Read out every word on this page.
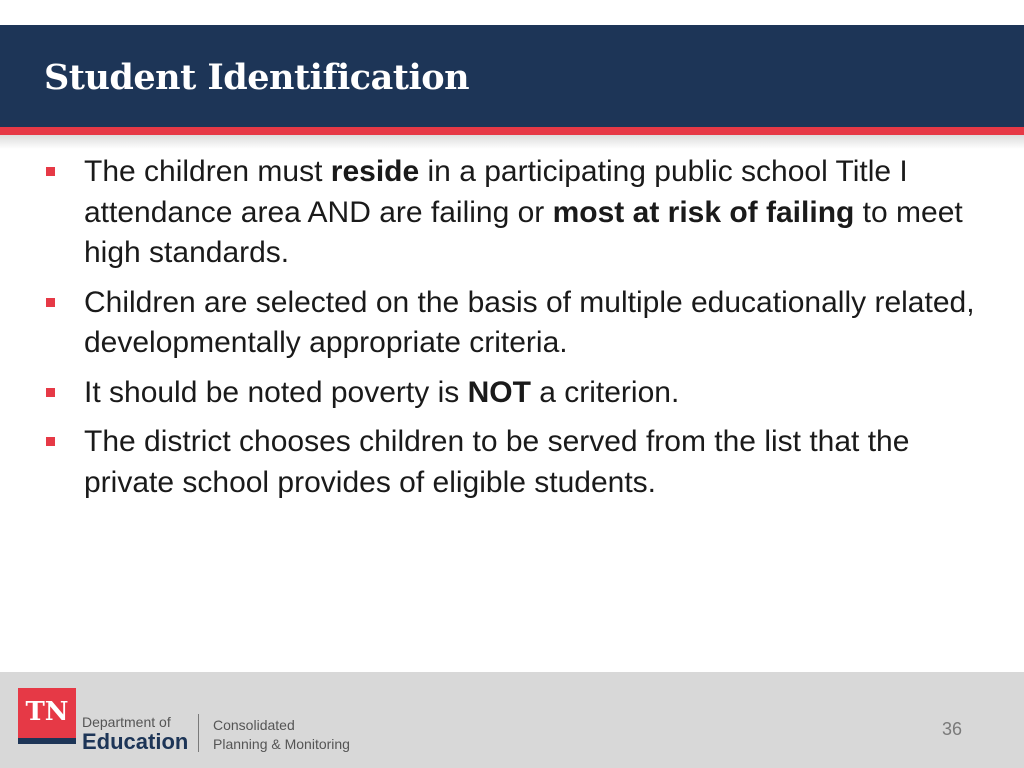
Student Identification
The children must reside in a participating public school Title I attendance area AND are failing or most at risk of failing to meet high standards.
Children are selected on the basis of multiple educationally related, developmentally appropriate criteria.
It should be noted poverty is NOT a criterion.
The district chooses children to be served from the list that the private school provides of eligible students.
TN Department of
Education
Consolidated
Planning & Monitoring
36
